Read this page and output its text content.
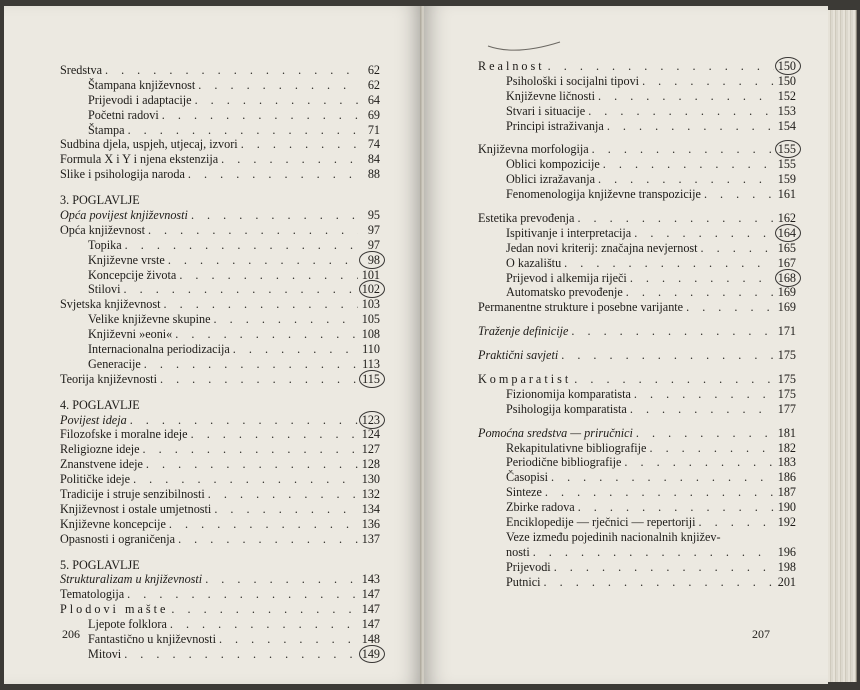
Sredstva . . .	62
Štampana književnost . . .	62
Prijevodi i adaptacije . . .	64
Početni radovi . . .	69
Štampa . . .	71
Sudbina djela, uspjeh, utjecaj, izvori . . .	74
Formula X i Y i njena ekstenzija . . .	84
Slike i psihologija naroda . . .	88
3. POGLAVLJE
Opća povijest književnosti . . .	95
Opća književnost . . .	97
Topika . . .	97
Književne vrste . . .	98
Koncepcije života . . .	101
Stilovi . . .	102
Svjetska književnost . . .	103
Velike književne skupine . . .	105
Književni »eoni« . . .	108
Internacionalna periodizacija . . .	110
Generacije . . .	113
Teorija književnosti . . .	115
4. POGLAVLJE
Povijest ideja . . .	123
Filozofske i moralne ideje . . .	124
Religiozne ideje . . .	127
Znanstvene ideje . . .	128
Političke ideje . . .	130
Tradicije i struje senzibilnosti . . .	132
Književnost i ostale umjetnosti . . .	134
Književne koncepcije . . .	136
Opasnosti i ograničenja . . .	137
5. POGLAVLJE
Strukturalizam u književnosti . . .	143
Tematologija . . .	147
Plodovi mašte . . .	147
Ljepote folklora . . .	147
Fantastično u književnosti . . .	148
Mitovi . . .	149
206
Realnost . . .	150
Psihološki i socijalni tipovi . . .	150
Književne ličnosti . . .	152
Stvari i situacije . . .	153
Principi istraživanja . . .	154
Književna morfologija . . .	155
Oblici kompozicije . . .	155
Oblici izražavanja . . .	159
Fenomenologija književne transpozicije . . .	161
Estetika prevođenja . . .	162
Ispitivanje i interpretacija . . .	164
Jedan novi kriterij: značajna nevjernost . . .	165
O kazalištu . . .	167
Prijevod i alkemija riječi . . .	168
Automatsko prevođenje . . .	169
Permanentne strukture i posebne varijante . . .	169
Traženje definicije . . .	171
Praktični savjeti . . .	175
Komparatist . . .	175
Fizionomija komparatista . . .	175
Psihologija komparatista . . .	177
Pomoćna sredstva — priručnici . . .	181
Rekapitulativne bibliografije . . .	182
Periodične bibliografije . . .	183
Časopisi . . .	186
Sinteze . . .	187
Zbirke radova . . .	190
Enciklopedije — rječnici — repertoriji . . .	192
Veze između pojedinih nacionalnih književ-
nosti . . .	196
Prijevodi . . .	198
Putnici . . .	201
207
